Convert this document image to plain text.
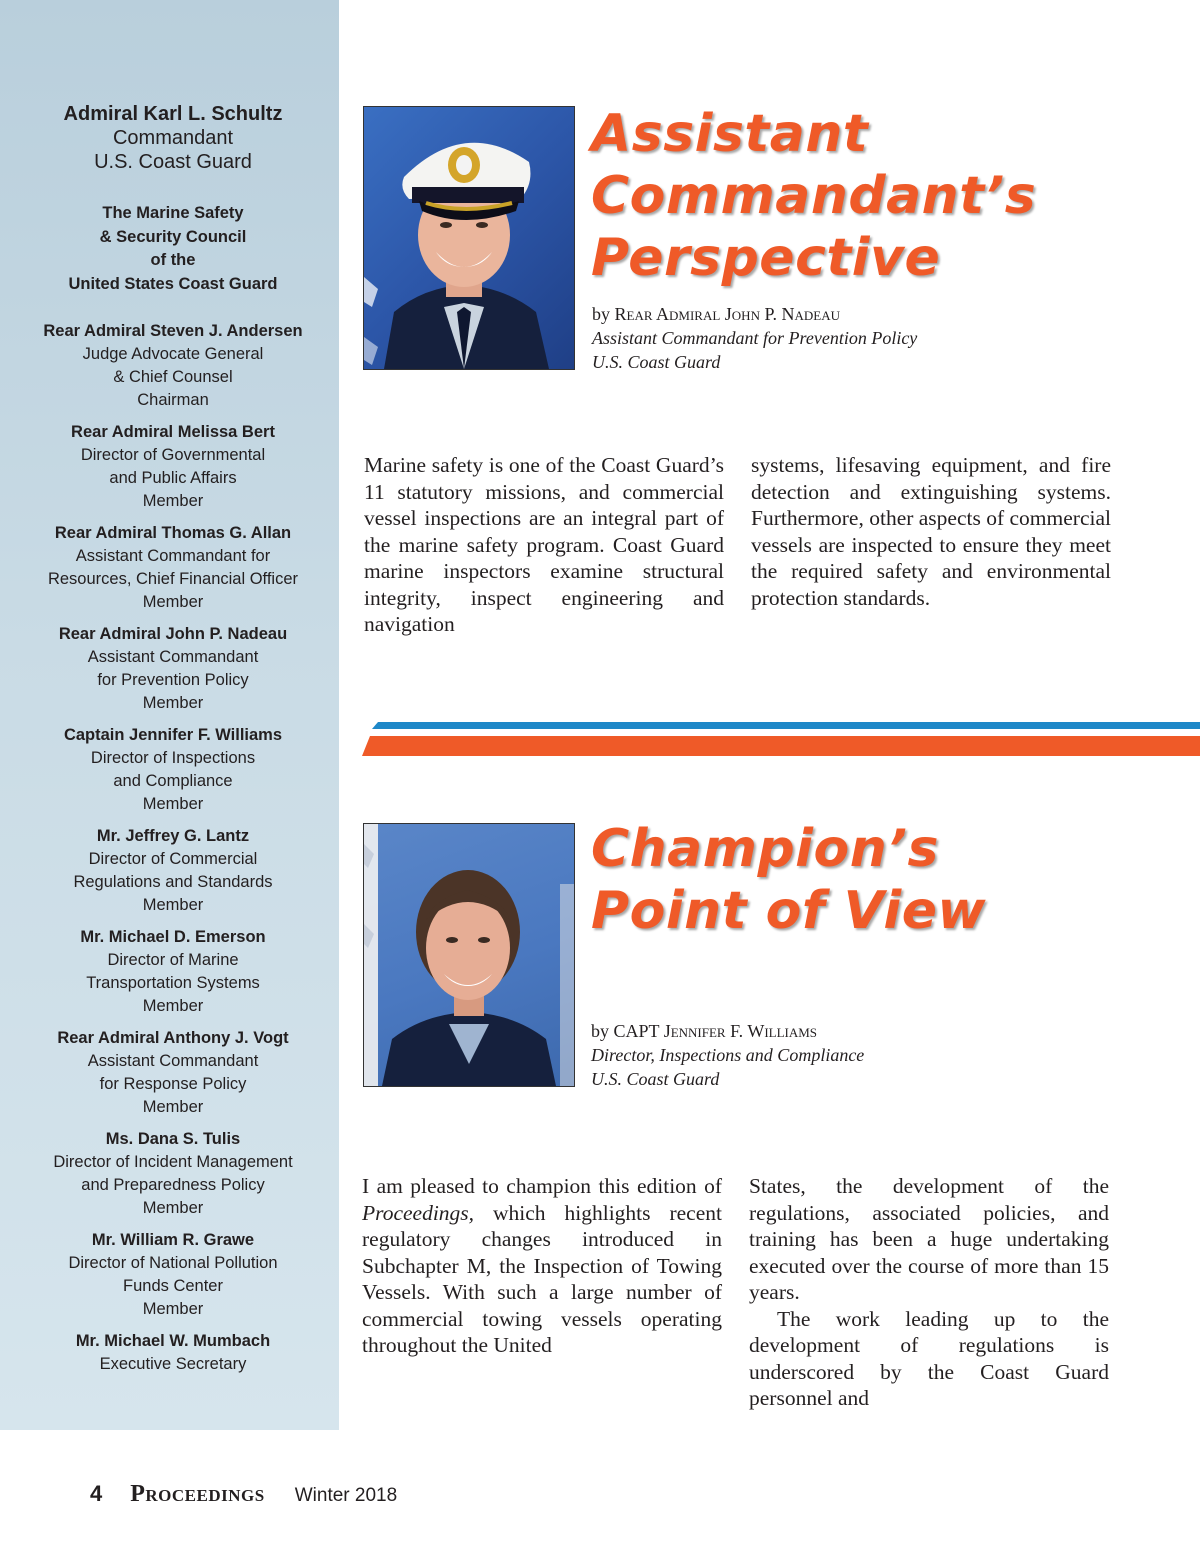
Admiral Karl L. Schultz
Commandant
U.S. Coast Guard
The Marine Safety
& Security Council
of the
United States Coast Guard
Rear Admiral Steven J. Andersen
Judge Advocate General
& Chief Counsel
Chairman
Rear Admiral Melissa Bert
Director of Governmental
and Public Affairs
Member
Rear Admiral Thomas G. Allan
Assistant Commandant for
Resources, Chief Financial Officer
Member
Rear Admiral John P. Nadeau
Assistant Commandant
for Prevention Policy
Member
Captain Jennifer F. Williams
Director of Inspections
and Compliance
Member
Mr. Jeffrey G. Lantz
Director of Commercial
Regulations and Standards
Member
Mr. Michael D. Emerson
Director of Marine
Transportation Systems
Member
Rear Admiral Anthony J. Vogt
Assistant Commandant
for Response Policy
Member
Ms. Dana S. Tulis
Director of Incident Management
and Preparedness Policy
Member
Mr. William R. Grawe
Director of National Pollution
Funds Center
Member
Mr. Michael W. Mumbach
Executive Secretary
Assistant
Commandant’s
Perspective
by Rear Admiral John P. Nadeau
Assistant Commandant for Prevention Policy
U.S. Coast Guard

Marine safety is one of the Coast Guard’s 11 statutory missions, and commercial vessel inspections are an integral part of the marine safety program. Coast Guard marine inspectors examine structural integrity, inspect engineering and navigation

systems, lifesaving equipment, and fire detection and extinguishing systems. Furthermore, other aspects of commercial vessels are inspected to ensure they meet the required safety and environmental protection standards.

Champion’s
Point of View
by CAPT Jennifer F. Williams
Director, Inspections and Compliance
U.S. Coast Guard

I am pleased to champion this edition of Proceedings, which highlights recent regulatory changes introduced in Subchapter M, the Inspection of Towing Vessels. With such a large number of commercial towing vessels operating throughout the United

States, the development of the regulations, associated policies, and training has been a huge undertaking executed over the course of more than 15 years.

The work leading up to the development of regulations is underscored by the Coast Guard personnel and

4 Proceedings Winter 2018
